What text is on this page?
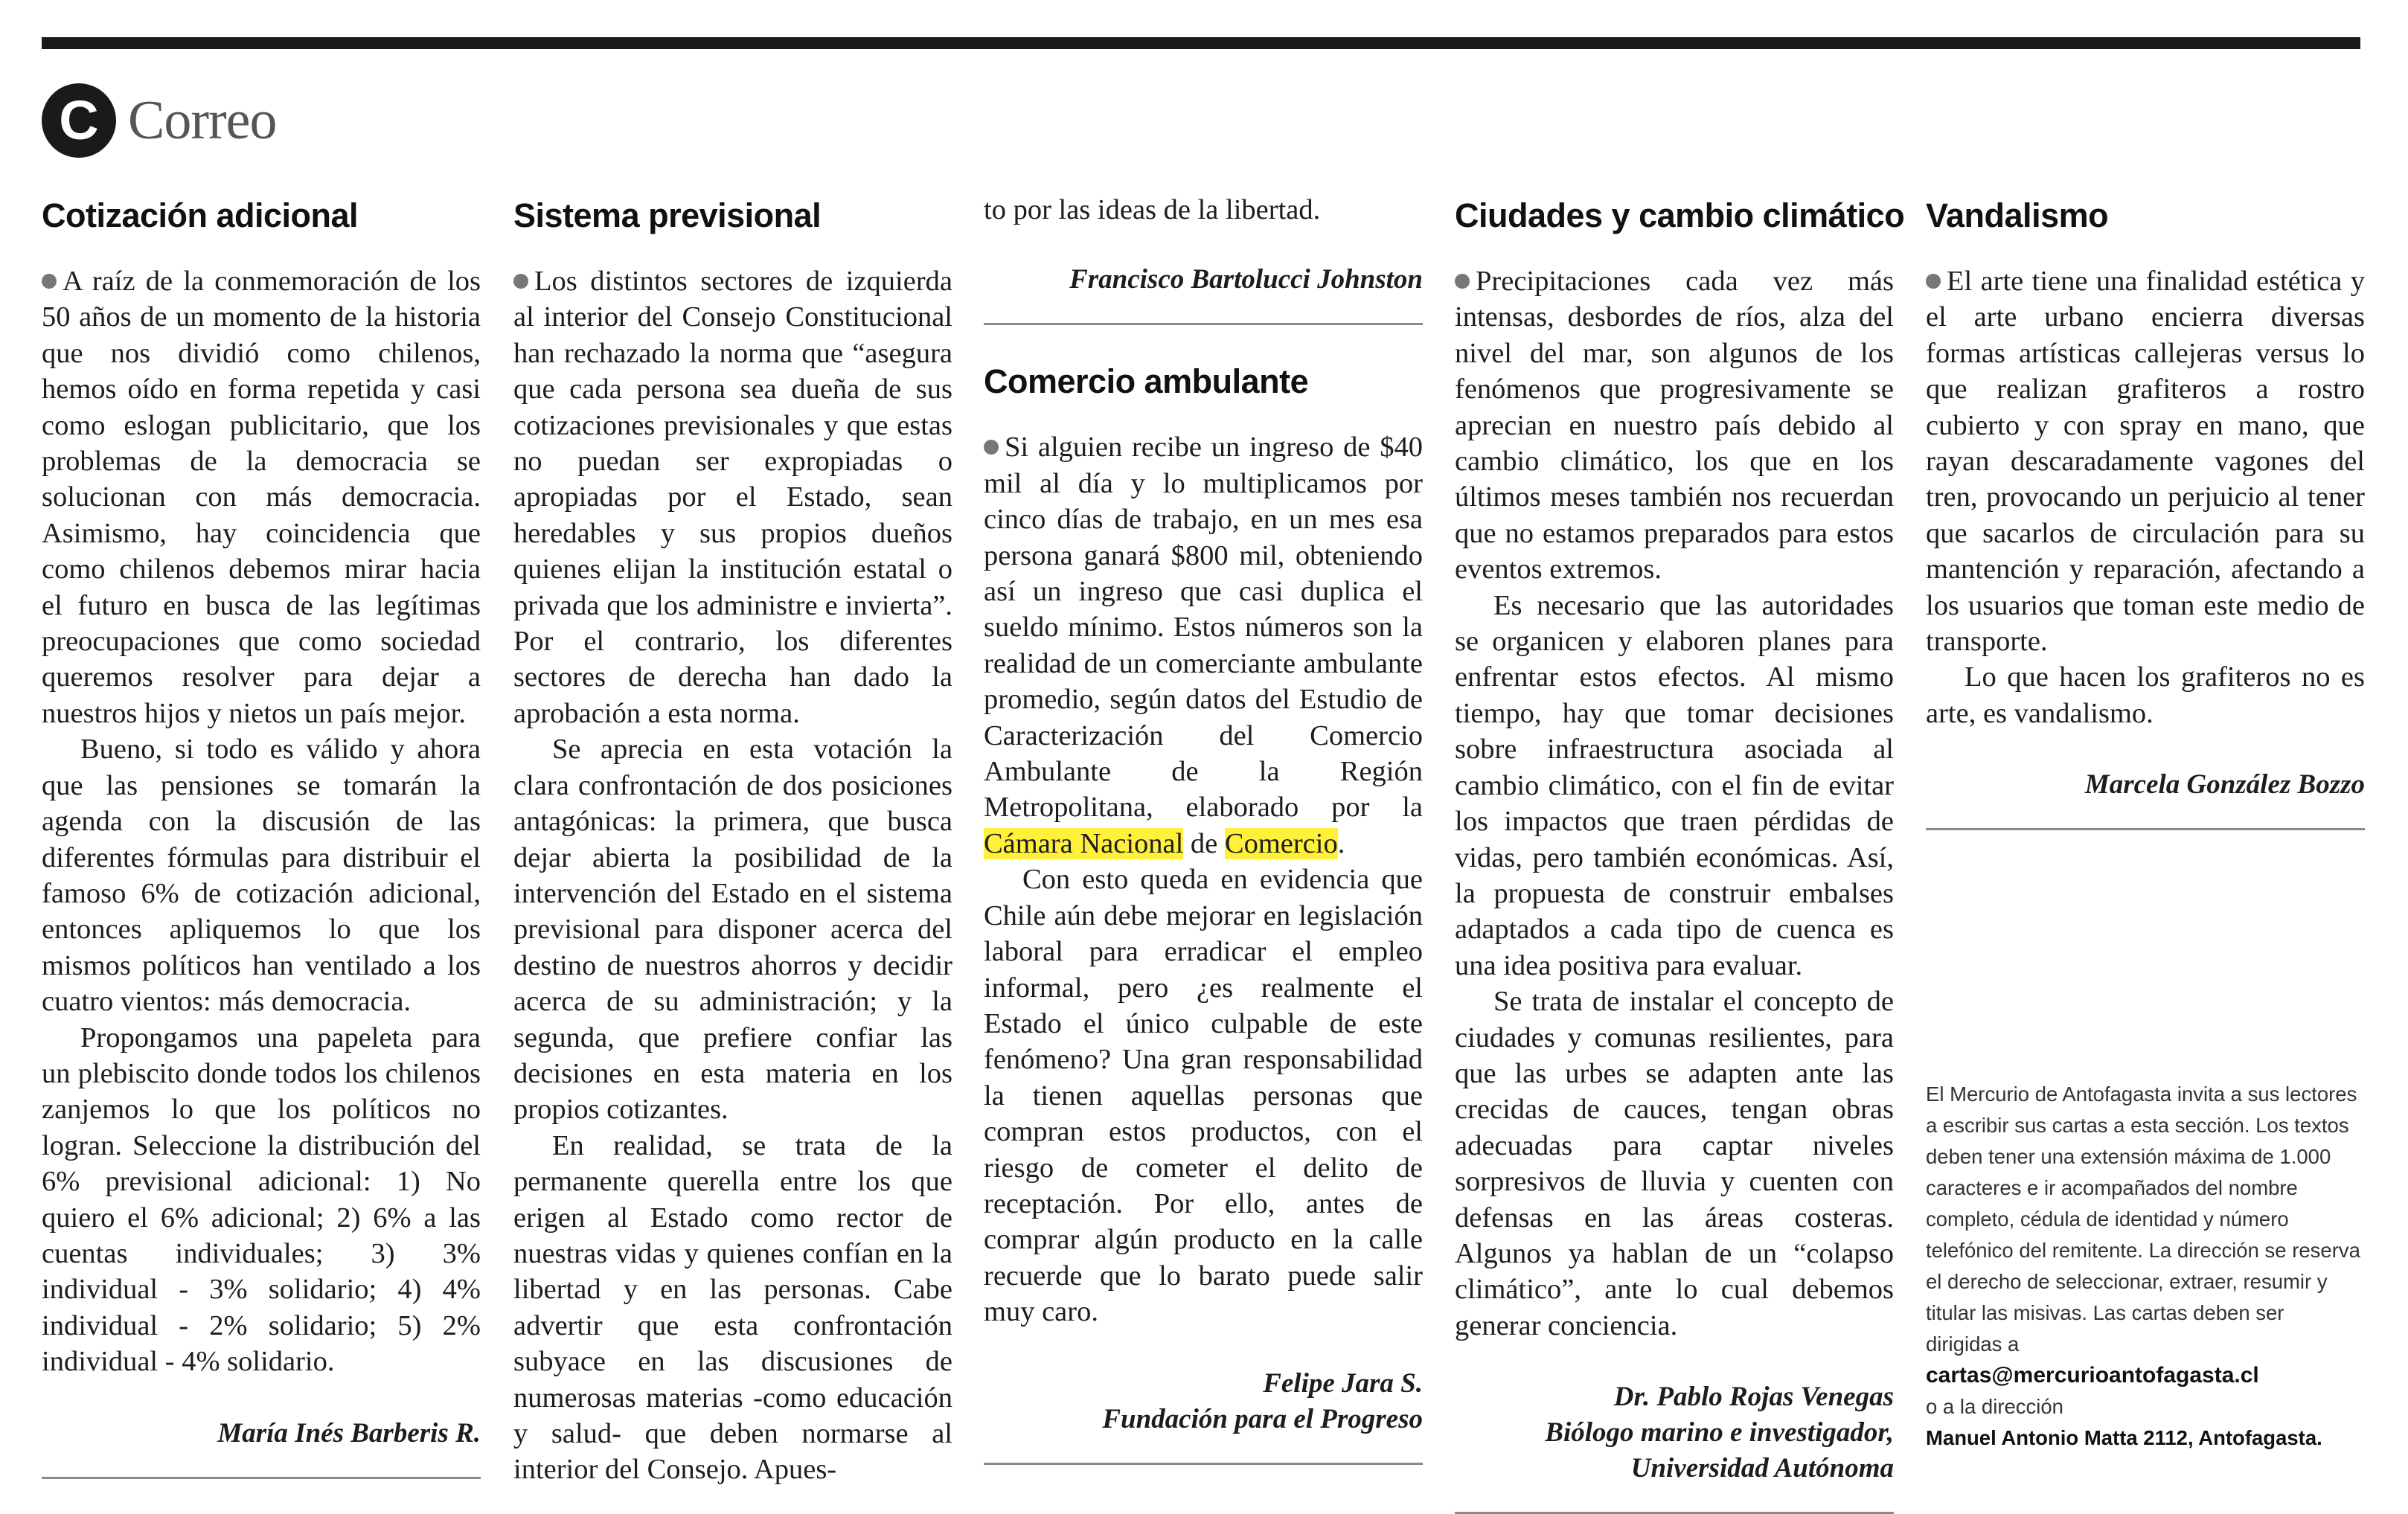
C Correo
Cotización adicional

A raíz de la conmemoración de los 50 años de un momento de la historia que nos dividió como chilenos, hemos oído en forma repetida y casi como eslogan publicitario, que los problemas de la democracia se solucionan con más democracia. Asimismo, hay coincidencia que como chilenos debemos mirar hacia el futuro en busca de las legítimas preocupaciones que como sociedad queremos resolver para dejar a nuestros hijos y nietos un país mejor.

Bueno, si todo es válido y ahora que las pensiones se tomarán la agenda con la discusión de las diferentes fórmulas para distribuir el famoso 6% de cotización adicional, entonces apliquemos lo que los mismos políticos han ventilado a los cuatro vientos: más democracia.

Propongamos una papeleta para un plebiscito donde todos los chilenos zanjemos lo que los políticos no logran. Seleccione la distribución del 6% previsional adicional: 1) No quiero el 6% adicional; 2) 6% a las cuentas individuales; 3) 3% individual - 3% solidario; 4) 4% individual - 2% solidario; 5) 2% individual - 4% solidario.

María Inés Barberis R.
Sistema previsional

Los distintos sectores de izquierda al interior del Consejo Constitucional han rechazado la norma que “asegura que cada persona sea dueña de sus cotizaciones previsionales y que estas no puedan ser expropiadas o apropiadas por el Estado, sean heredables y sus propios dueños quienes elijan la institución estatal o privada que los administre e invierta”. Por el contrario, los diferentes sectores de derecha han dado la aprobación a esta norma.

Se aprecia en esta votación la clara confrontación de dos posiciones antagónicas: la primera, que busca dejar abierta la posibilidad de la intervención del Estado en el sistema previsional para disponer acerca del destino de nuestros ahorros y decidir acerca de su administración; y la segunda, que prefiere confiar las decisiones en esta materia en los propios cotizantes.

En realidad, se trata de la permanente querella entre los que erigen al Estado como rector de nuestras vidas y quienes confían en la libertad y en las personas. Cabe advertir que esta confrontación subyace en las discusiones de numerosas materias -como educación y salud- que deben normarse al interior del Consejo. Apues-

to por las ideas de la libertad.

Francisco Bartolucci Johnston
Comercio ambulante

Si alguien recibe un ingreso de $40 mil al día y lo multiplicamos por cinco días de trabajo, en un mes esa persona ganará $800 mil, obteniendo así un ingreso que casi duplica el sueldo mínimo. Estos números son la realidad de un comerciante ambulante promedio, según datos del Estudio de Caracterización del Comercio Ambulante de la Región Metropolitana, elaborado por la Cámara Nacional de Comercio.

Con esto queda en evidencia que Chile aún debe mejorar en legislación laboral para erradicar el empleo informal, pero ¿es realmente el Estado el único culpable de este fenómeno? Una gran responsabilidad la tienen aquellas personas que compran estos productos, con el riesgo de cometer el delito de receptación. Por ello, antes de comprar algún producto en la calle recuerde que lo barato puede salir muy caro.

Felipe Jara S.
Fundación para el Progreso
Ciudades y cambio climático

Precipitaciones cada vez más intensas, desbordes de ríos, alza del nivel del mar, son algunos de los fenómenos que progresivamente se aprecian en nuestro país debido al cambio climático, los que en los últimos meses también nos recuerdan que no estamos preparados para estos eventos extremos.

Es necesario que las autoridades se organicen y elaboren planes para enfrentar estos efectos. Al mismo tiempo, hay que tomar decisiones sobre infraestructura asociada al cambio climático, con el fin de evitar los impactos que traen pérdidas de vidas, pero también económicas. Así, la propuesta de construir embalses adaptados a cada tipo de cuenca es una idea positiva para evaluar.

Se trata de instalar el concepto de ciudades y comunas resilientes, para que las urbes se adapten ante las crecidas de cauces, tengan obras adecuadas para captar niveles sorpresivos de lluvia y cuenten con defensas en las áreas costeras. Algunos ya hablan de un “colapso climático”, ante lo cual debemos generar conciencia.

Dr. Pablo Rojas Venegas
Biólogo marino e investigador,
Universidad Autónoma
Vandalismo

El arte tiene una finalidad estética y el arte urbano encierra diversas formas artísticas callejeras versus lo que realizan grafiteros a rostro cubierto y con spray en mano, que rayan descaradamente vagones del tren, provocando un perjuicio al tener que sacarlos de circulación para su mantención y reparación, afectando a los usuarios que toman este medio de transporte.

Lo que hacen los grafiteros no es arte, es vandalismo.

Marcela González Bozzo
El Mercurio de Antofagasta invita a sus lectores a escribir sus cartas a esta sección. Los textos deben tener una extensión máxima de 1.000 caracteres e ir acompañados del nombre completo, cédula de identidad y número telefónico del remitente. La dirección se reserva el derecho de seleccionar, extraer, resumir y titular las misivas. Las cartas deben ser dirigidas a
cartas@mercurioantofagasta.cl
o a la dirección
Manuel Antonio Matta 2112, Antofagasta.
